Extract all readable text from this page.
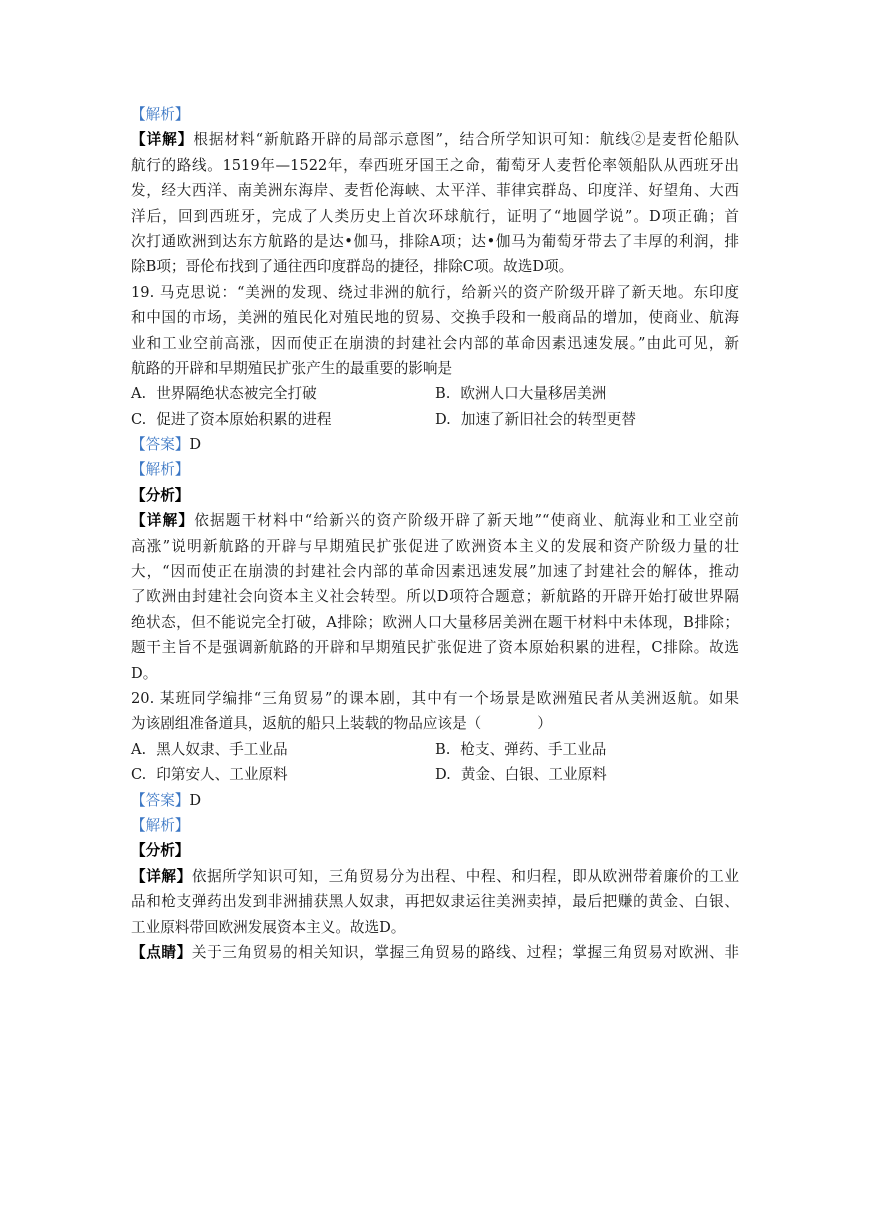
【解析】
【详解】根据材料“新航路开辟的局部示意图”，结合所学知识可知：航线②是麦哲伦船队
航行的路线。1519年—1522年，奉西班牙国王之命，葡萄牙人麦哲伦率领船队从西班牙出
发，经大西洋、南美洲东海岸、麦哲伦海峡、太平洋、菲律宾群岛、印度洋、好望角、大西
洋后，回到西班牙，完成了人类历史上首次环球航行，证明了“地圆学说”。D项正确；首
次打通欧洲到达东方航路的是达•伽马，排除A项；达•伽马为葡萄牙带去了丰厚的利润，排
除B项；哥伦布找到了通往西印度群岛的捷径，排除C项。故选D项。
19. 马克思说：“美洲的发现、绕过非洲的航行，给新兴的资产阶级开辟了新天地。东印度
和中国的市场，美洲的殖民化对殖民地的贸易、交换手段和一般商品的增加，使商业、航海
业和工业空前高涨，因而使正在崩溃的封建社会内部的革命因素迅速发展。”由此可见，新
航路的开辟和早期殖民扩张产生的最重要的影响是
A. 世界隔绝状态被完全打破	B. 欧洲人口大量移居美洲
C. 促进了资本原始积累的进程	D. 加速了新旧社会的转型更替
【答案】D
【解析】
【分析】
【详解】依据题干材料中“给新兴的资产阶级开辟了新天地”“使商业、航海业和工业空前
高涨”说明新航路的开辟与早期殖民扩张促进了欧洲资本主义的发展和资产阶级力量的壮
大，“因而使正在崩溃的封建社会内部的革命因素迅速发展”加速了封建社会的解体，推动
了欧洲由封建社会向资本主义社会转型。所以D项符合题意；新航路的开辟开始打破世界隔
绝状态，但不能说完全打破，A排除；欧洲人口大量移居美洲在题干材料中未体现，B排除；
题干主旨不是强调新航路的开辟和早期殖民扩张促进了资本原始积累的进程，C排除。故选
D。
20. 某班同学编排“三角贸易”的课本剧，其中有一个场景是欧洲殖民者从美洲返航。如果
为该剧组准备道具，返航的船只上装载的物品应该是（	）
A. 黑人奴隶、手工业品	B. 枪支、弹药、手工业品
C. 印第安人、工业原料	D. 黄金、白银、工业原料
【答案】D
【解析】
【分析】
【详解】依据所学知识可知，三角贸易分为出程、中程、和归程，即从欧洲带着廉价的工业
品和枪支弹药出发到非洲捕获黑人奴隶，再把奴隶运往美洲卖掉，最后把赚的黄金、白银、
工业原料带回欧洲发展资本主义。故选D。
【点睛】关于三角贸易的相关知识，掌握三角贸易的路线、过程；掌握三角贸易对欧洲、非
